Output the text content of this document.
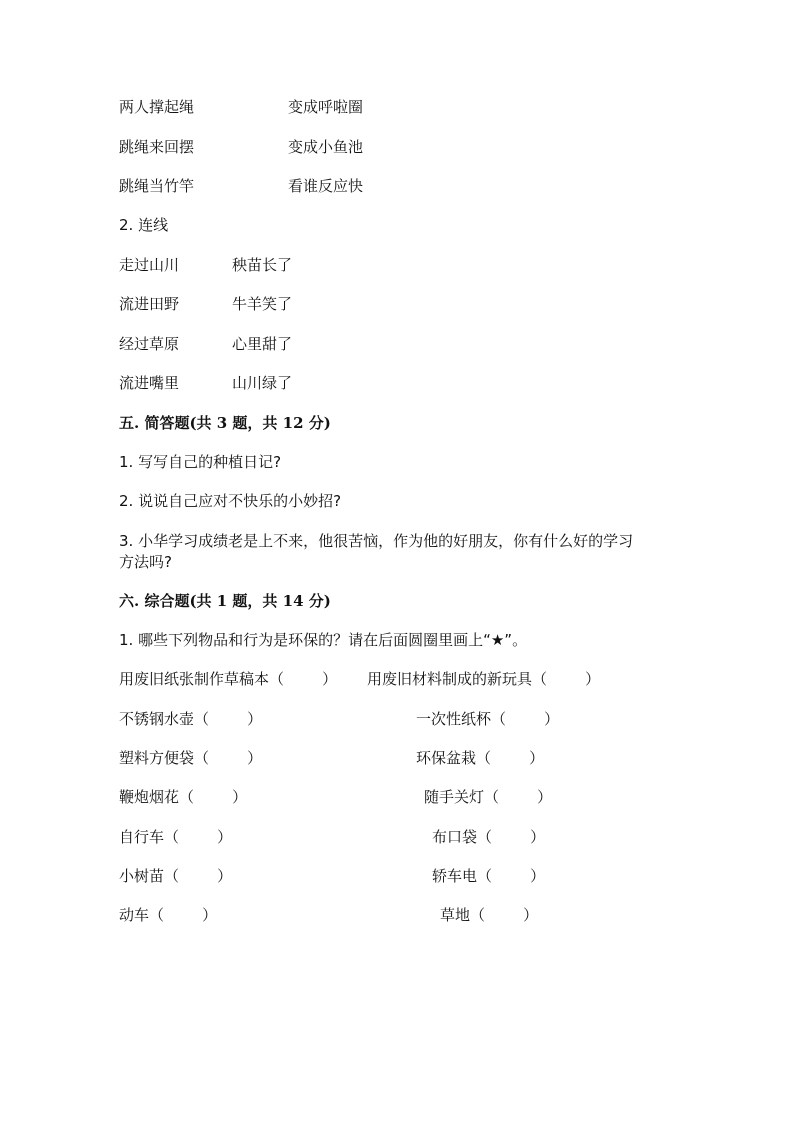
两人撑起绳	变成呼啦圈
跳绳来回摆	变成小鱼池
跳绳当竹竿	看谁反应快
2. 连线
走过山川	秧苗长了
流进田野	牛羊笑了
经过草原	心里甜了
流进嘴里	山川绿了
五. 简答题(共 3 题，共 12 分)
1. 写写自己的种植日记?
2. 说说自己应对不快乐的小妙招?
3. 小华学习成绩老是上不来，他很苦恼，作为他的好朋友，你有什么好的学习
方法吗?
六. 综合题(共 1 题，共 14 分)
1. 哪些下列物品和行为是环保的？请在后面圆圈里画上“★”。
用废旧纸张制作草稿本（        ） 用废旧材料制成的新玩具（        ）
不锈钢水壶（        ）	一次性纸杯（        ）
塑料方便袋（        ）	环保盆栽（        ）
鞭炮烟花（        ）	随手关灯（        ）
自行车（        ）	布口袋（        ）
小树苗（        ）	轿车电（        ）
动车（        ）	草地（        ）
